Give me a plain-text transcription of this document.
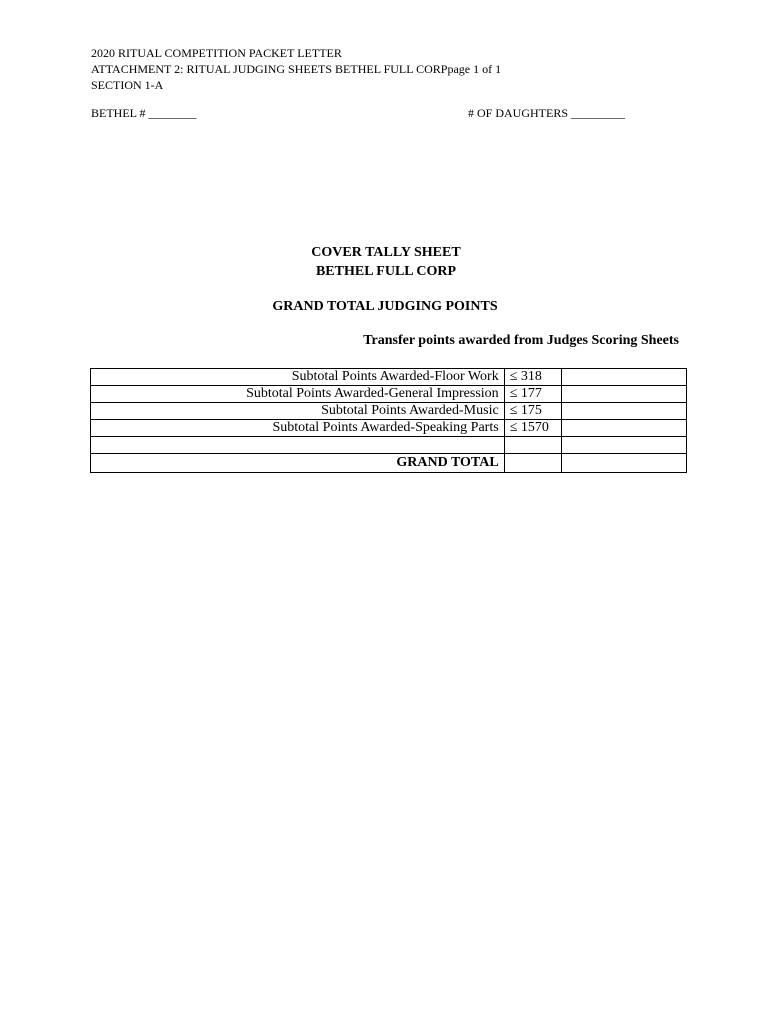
2020 RITUAL COMPETITION PACKET LETTER
ATTACHMENT 2: RITUAL JUDGING SHEETS BETHEL FULL CORPpage 1 of 1
SECTION 1-A
BETHEL # ________	# OF DAUGHTERS _________
COVER TALLY SHEET
BETHEL FULL CORP
GRAND TOTAL JUDGING POINTS
Transfer points awarded from Judges Scoring Sheets
Subtotal Points Awarded-Floor Work	≤ 318	
Subtotal Points Awarded-General Impression	≤ 177	
Subtotal Points Awarded-Music	≤ 175	
Subtotal Points Awarded-Speaking Parts	≤ 1570	

GRAND TOTAL		
